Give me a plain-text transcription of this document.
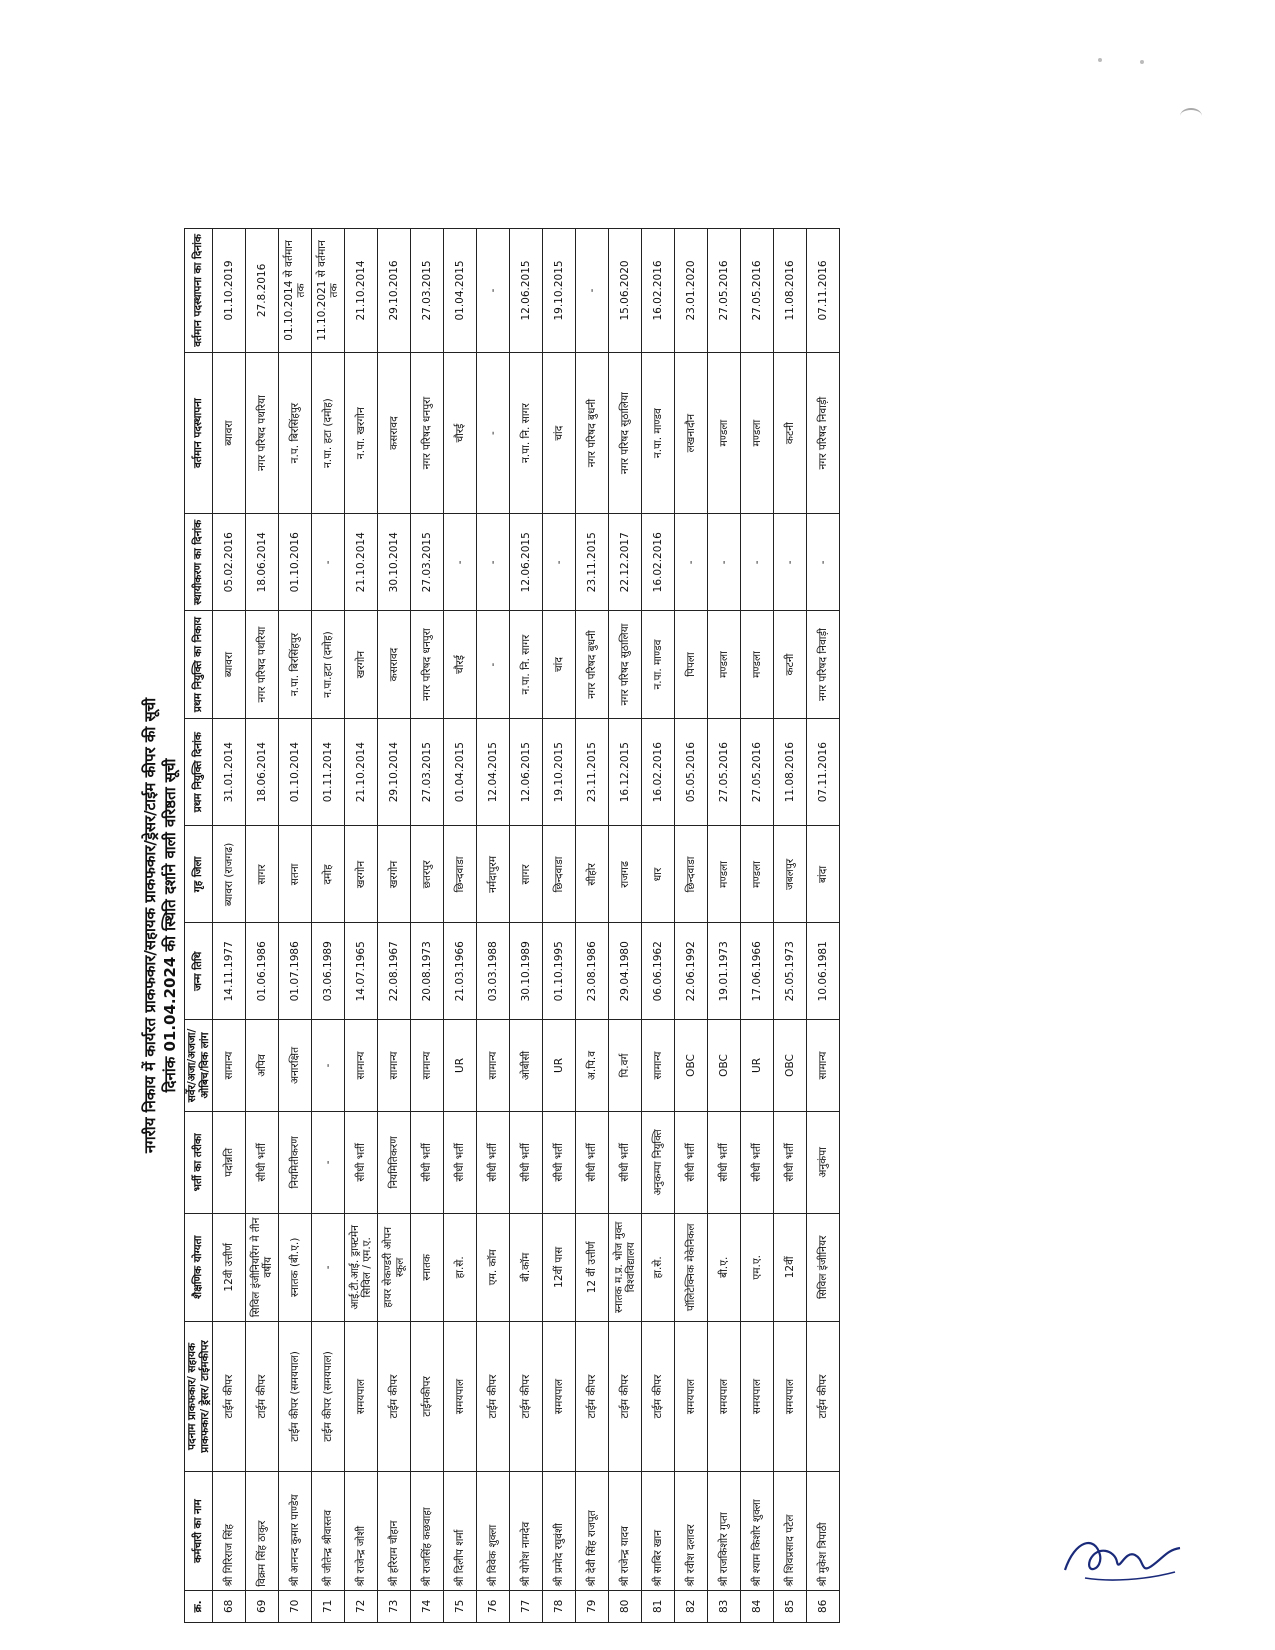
नगरीय निकाय में कार्यरत प्राकफकार/सहायक प्राकफकार/ड्रेसर/टाईम कीपर की सूची दिनांक 01.04.2024 की स्थिति दर्शाने वाली वरिष्ठता सूची
क्र.	कर्मचारी का नाम	पदनाम प्राकफकार/ सहायक प्राकफकार/ ड्रेसर/ टाईमकीपर	शैक्षणिक योग्यता	भर्ती का तरीका	सर्वेर/अजा/अजजा/ओबिच/विक लांग	जन्म तिथि	गृह जिला	प्रथम नियुक्ति दिनांक	प्रथम नियुक्ति का निकाय	स्थायीकरण का दिनांक	वर्तमान पदस्थापना	वर्तमान पदस्थापना का दिनांक
68	श्री गिरिराज सिंह	टाईम कीपर	12वी उत्तीर्ण	पदोन्नति	सामान्य	14.11.1977	ब्यावरा (राजगढ)	31.01.2014	ब्यावरा	05.02.2016	ब्यावरा	01.10.2019
69	विक्रम सिंह ठाकुर	टाईम कीपर	सिविल इंजीनियरिंग मे तीन वर्षीय	सीधी भर्ती	अपिव	01.06.1986	सागर	18.06.2014	नगर परिषद पथरिया	18.06.2014	नगर परिषद पथरिया	27.8.2016
70	श्री आनन्द कुमार पाण्डेय	टाईम कीपर (समयपाल)	स्नातक (बी.ए.)	नियमितीकरण	अनारक्षित	01.07.1986	सतना	01.10.2014	न.पा. बिरसिंहपुर	01.10.2016	न.प. बिरसिंहपुर	01.10.2014 से वर्तमान तक
71	श्री जीतेन्द्र श्रीवास्तव	टाईम कीपर (समयपाल)	-	-	-	03.06.1989	दमोह	01.11.2014	न.पा.हटा (दमोह)	-	न.पा. हटा (दमोह)	11.10.2021 से वर्तमान तक
72	श्री राजेन्द्र जोशी	समयपाल	आई.टी.आई. ड्राफ्टमेन सिविल / एम.ए.	सीधी भर्ती	सामान्य	14.07.1965	खरगोन	21.10.2014	खरगोन	21.10.2014	न.पा. खरगोन	21.10.2014
73	श्री हरिराम चौहान	टाईम कीपर	हायर सेकण्डरी ओपन स्कूल	नियमितिकरण	सामान्य	22.08.1967	खरगोन	29.10.2014	कसरावद	30.10.2014	कसरावद	29.10.2016
74	श्री राजसिंह कछवाहा	टाईमकीपर	स्नातक	सीधी भर्ती	सामान्य	20.08.1973	छतरपुर	27.03.2015	नगर परिषद धनपुरा	27.03.2015	नगर परिषद धनपुरा	27.03.2015
75	श्री दिलीप शर्मा	समयपाल	हा.से.	सीधी भर्ती	UR	21.03.1966	छिन्दवाडा	01.04.2015	चौरई	-	चौरई	01.04.2015
76	श्री विवेक शुक्ला	टाईम कीपर	एम. कॉम	सीधी भर्ती	सामान्य	03.03.1988	नर्मदापुरम	12.04.2015	-	-	-	-
77	श्री योगेश नामदेव	टाईम कीपर	बी.कॉम	सीधी भर्ती	ओबीसी	30.10.1989	सागर	12.06.2015	न.पा. नि. सागर	12.06.2015	न.पा. नि. सागर	12.06.2015
78	श्री प्रमोद रघुवंशी	समयपाल	12वीं पास	सीधी भर्ती	UR	01.10.1995	छिन्दवाडा	19.10.2015	चांद	-	चांद	19.10.2015
79	श्री देवी सिंह राजपूत	टाईम कीपर	12 वीं उत्तीर्ण	सीधी भर्ती	अ.पि.व	23.08.1986	सीहोर	23.11.2015	नगर परिषद बुधनी	23.11.2015	नगर परिषद बुधनी	-
80	श्री राजेन्द्र यादव	टाईम कीपर	स्नातक म.प्र. भोज मुक्त विश्वविद्यालय	सीधी भर्ती	पि.वर्ग	29.04.1980	राजगढ	16.12.2015	नगर परिषद सुठालिया	22.12.2017	नगर परिषद सुठालिया	15.06.2020
81	श्री साबिर खान	टाईम कीपर	हा.से.	अनुकम्पा नियुक्ति	सामान्य	06.06.1962	धार	16.02.2016	न.पा. माण्डव	16.02.2016	न.पा. माण्डव	16.02.2016
82	श्री रवीश दलावर	समयपाल	पॉलिटेक्निक मेकेनिकल	सीधी भर्ती	OBC	22.06.1992	छिन्दवाडा	05.05.2016	पिपला	-	लखनादौन	23.01.2020
83	श्री राजकिशोर गुप्ता	समयपाल	बी.ए.	सीधी भर्ती	OBC	19.01.1973	मण्डला	27.05.2016	मण्डला	-	मण्डला	27.05.2016
84	श्री श्याम किशोर शुक्ला	समयपाल	एम.ए.	सीधी भर्ती	UR	17.06.1966	मण्डला	27.05.2016	मण्डला	-	मण्डला	27.05.2016
85	श्री शिवप्रसाद पटेल	समयपाल	12वीं	सीधी भर्ती	OBC	25.05.1973	जबलपुर	11.08.2016	कटनी	-	कटनी	11.08.2016
86	श्री मुकेश त्रिपाठी	टाईम कीपर	सिविल इंजीनियर	अनुकंपा	सामान्य	10.06.1981	बांदा	07.11.2016	नगर परिषद निवाड़ी	-	नगर परिषद निवाड़ी	07.11.2016
